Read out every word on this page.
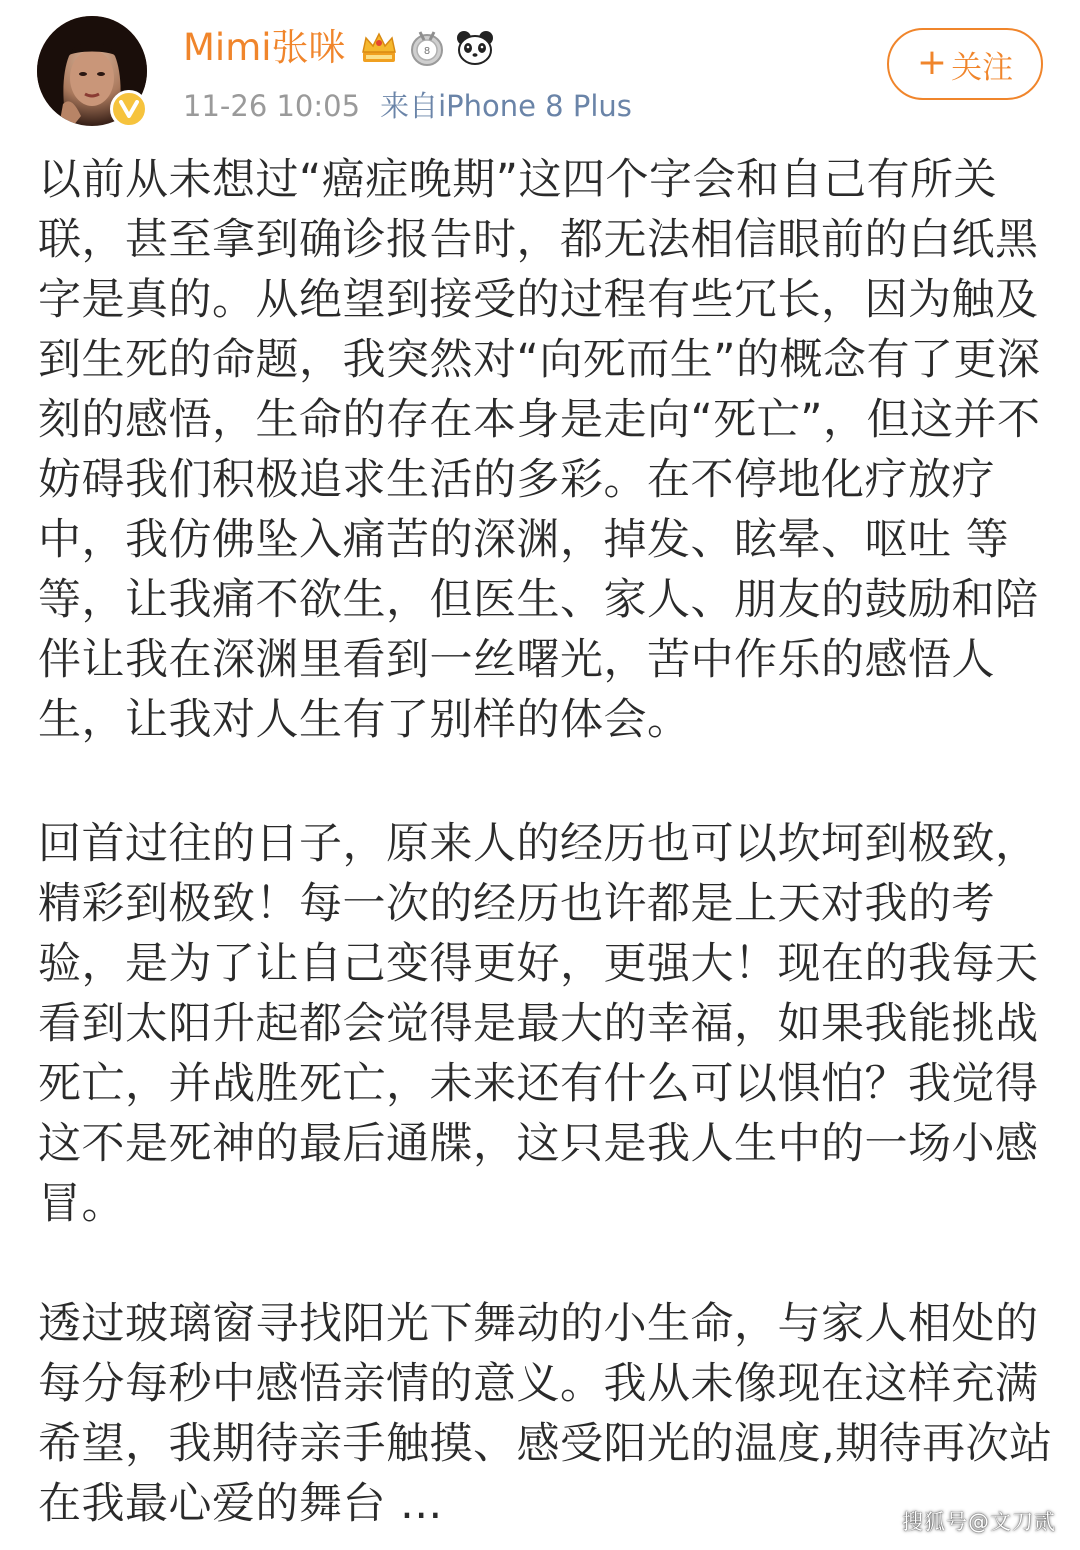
Mimi张咪	8
11-26 10:05 来自iPhone 8 Plus
+ 关注

以前从未想过“癌症晚期”这四个字会和自己有所关
联，甚至拿到确诊报告时，都无法相信眼前的白纸黑
字是真的。从绝望到接受的过程有些冗长，因为触及
到生死的命题，我突然对“向死而生”的概念有了更深
刻的感悟，生命的存在本身是走向“死亡”，但这并不
妨碍我们积极追求生活的多彩。在不停地化疗放疗
中，我仿佛坠入痛苦的深渊，掉发、眩晕、呕吐 等
等，让我痛不欲生，但医生、家人、朋友的鼓励和陪
伴让我在深渊里看到一丝曙光，苦中作乐的感悟人
生，让我对人生有了别样的体会。

回首过往的日子，原来人的经历也可以坎坷到极致，
精彩到极致！每一次的经历也许都是上天对我的考
验，是为了让自己变得更好，更强大！现在的我每天
看到太阳升起都会觉得是最大的幸福，如果我能挑战
死亡，并战胜死亡，未来还有什么可以惧怕？我觉得
这不是死神的最后通牒，这只是我人生中的一场小感
冒。

透过玻璃窗寻找阳光下舞动的小生命，与家人相处的
每分每秒中感悟亲情的意义。我从未像现在这样充满
希望，我期待亲手触摸、感受阳光的温度,期待再次站
在我最心爱的舞台 ...	搜狐号@文刀贰
